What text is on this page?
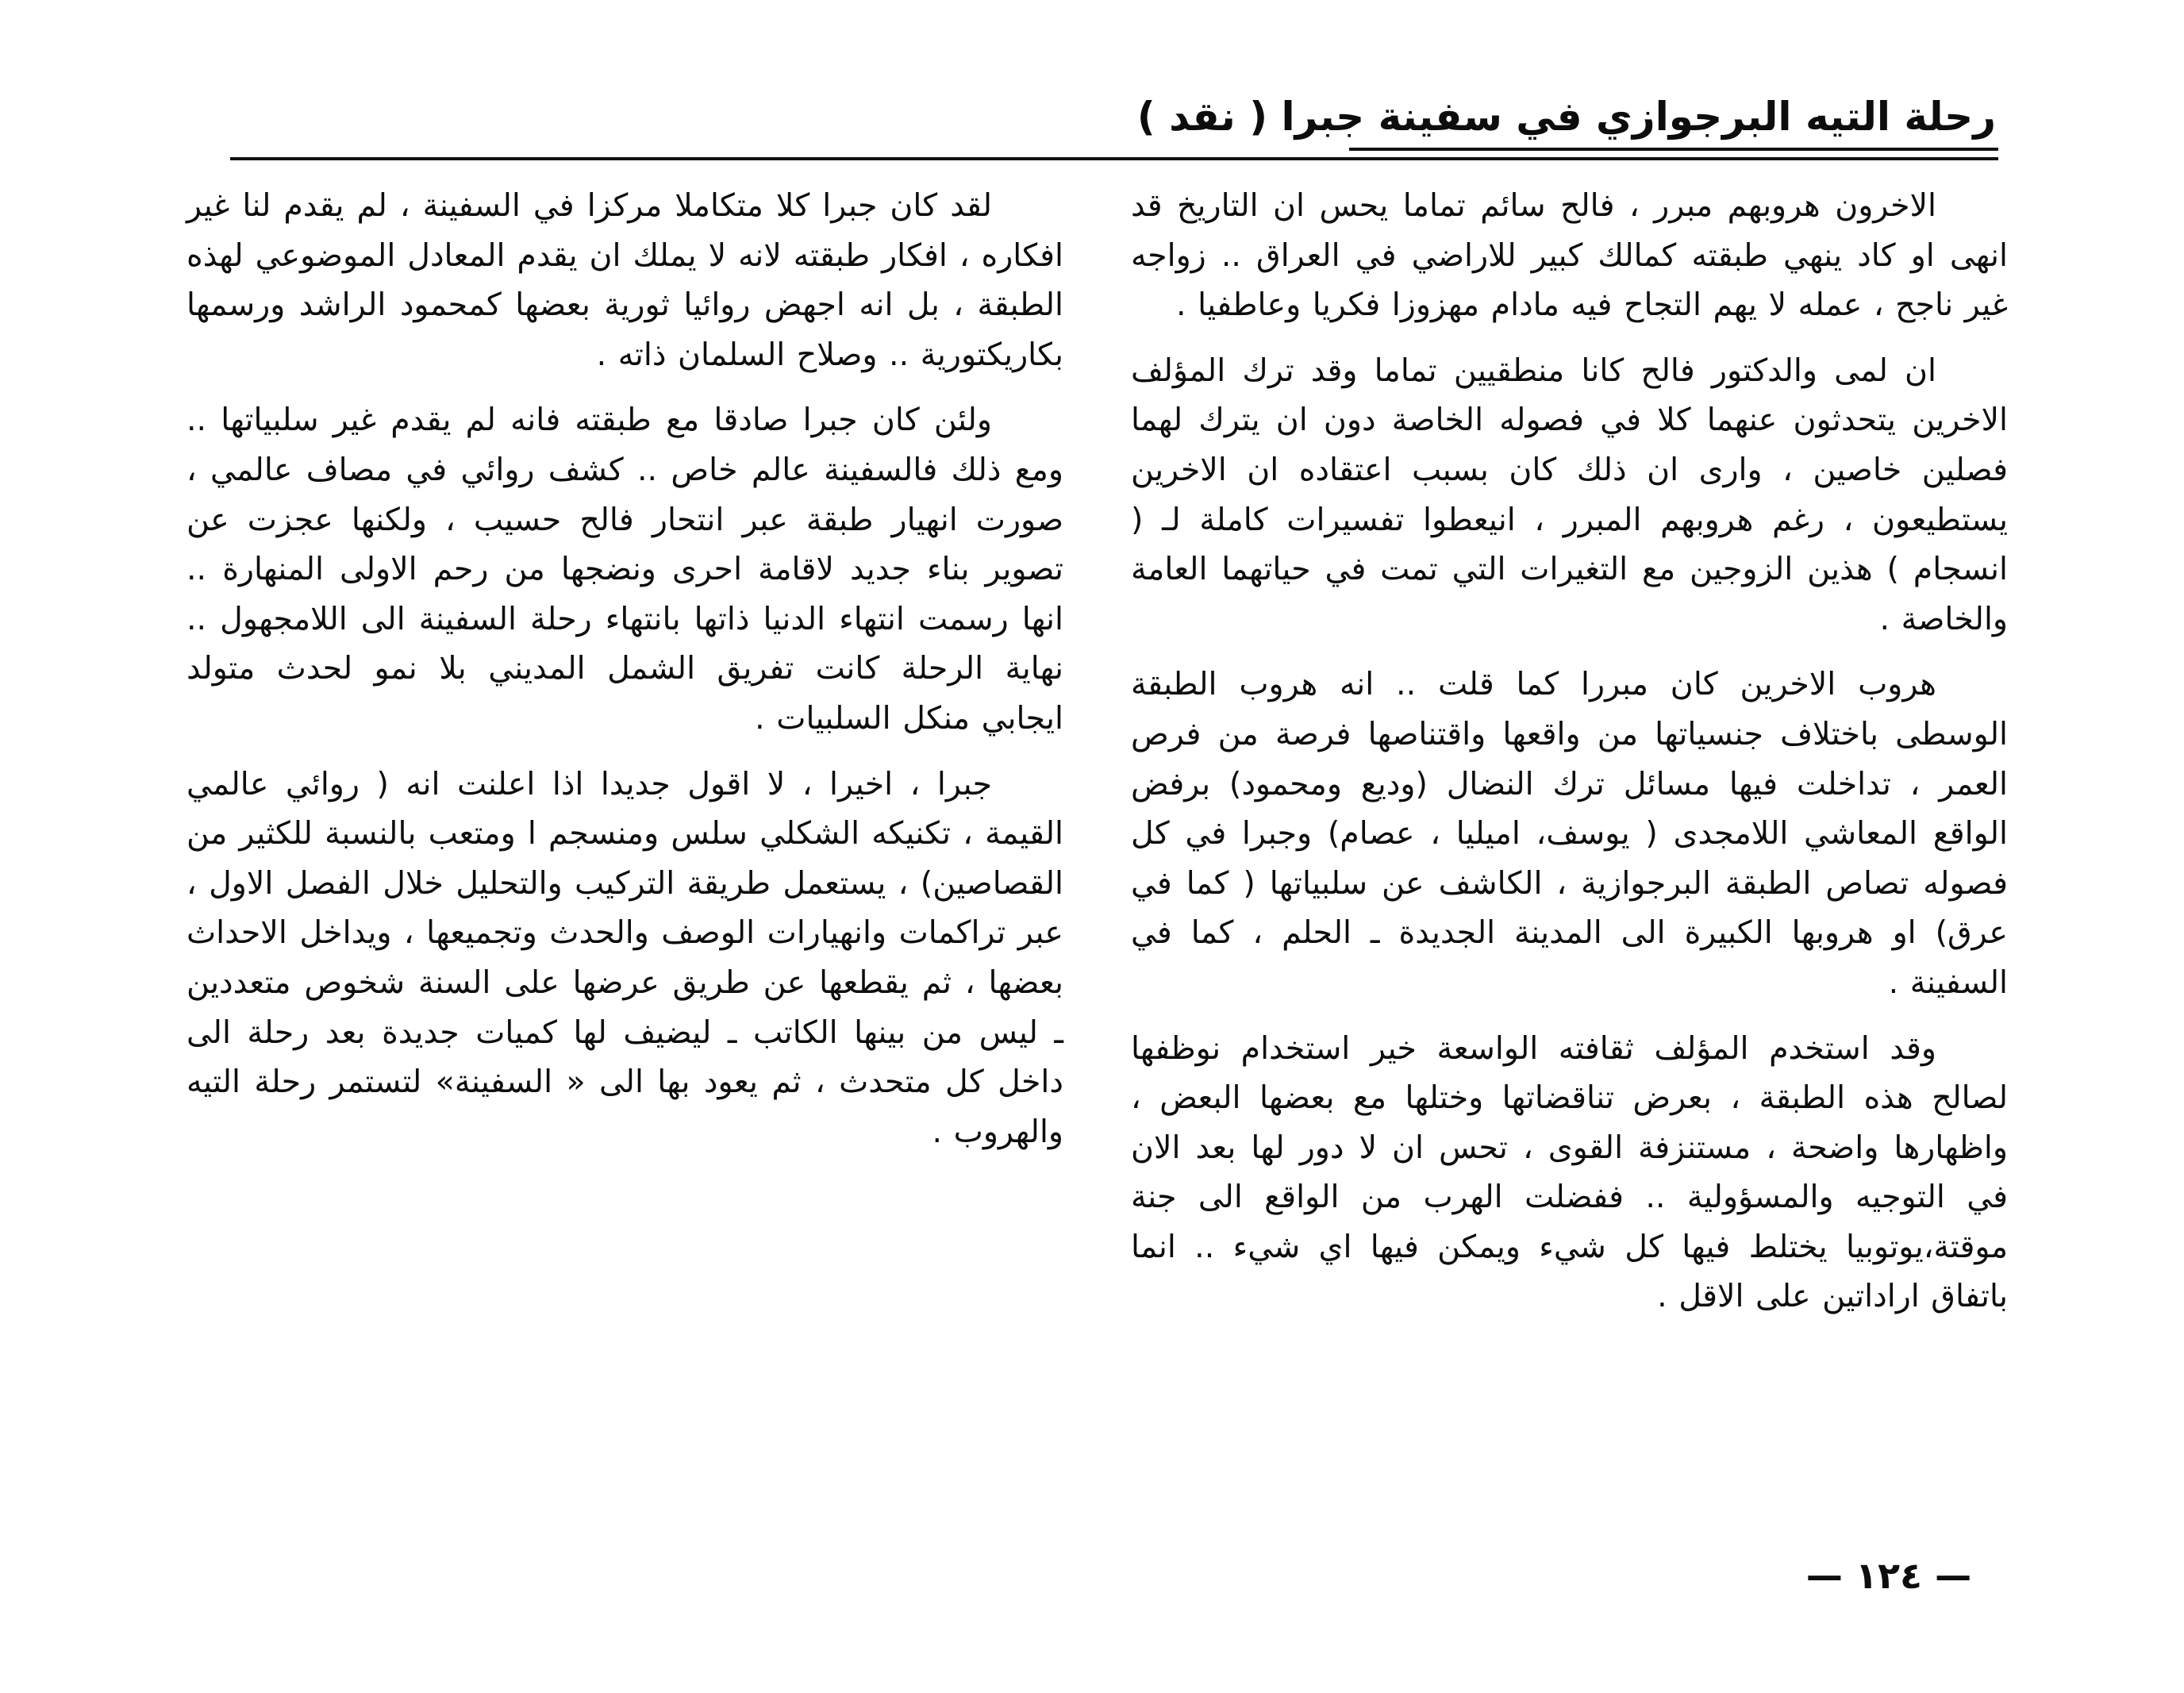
رحلة التيه البرجوازي في سفينة جبرا ( نقد )

الاخرون هروبهم مبرر ، فالح سائم تماما يحس ان التاريخ قد انهى او كاد ينهي طبقته كمالك كبير للاراضي في العراق .. زواجه غير ناجح ، عمله لا يهم التجاح فيه مادام مهزوزا فكريا وعاطفيا .

ان لمى والدكتور فالح كانا منطقيين تماما وقد ترك المؤلف الاخرين يتحدثون عنهما كلا في فصوله الخاصة دون ان يترك لهما فصلين خاصين ، وارى ان ذلك كان بسبب اعتقاده ان الاخرين يستطيعون ، رغم هروبهم المبرر ، انيعطوا تفسيرات كاملة لـ ( انسجام ) هذين الزوجين مع التغيرات التي تمت في حياتهما العامة والخاصة .

هروب الاخرين كان مبررا كما قلت .. انه هروب الطبقة الوسطى باختلاف جنسياتها من واقعها واقتناصها فرصة من فرص العمر ، تداخلت فيها مسائل ترك النضال (وديع ومحمود) برفض الواقع المعاشي اللامجدى ( يوسف، اميليا ، عصام) وجبرا في كل فصوله تصاص الطبقة البرجوازية ، الكاشف عن سلبياتها ( كما في عرق) او هروبها الكبيرة الى المدينة الجديدة ـ الحلم ، كما في السفينة .

وقد استخدم المؤلف ثقافته الواسعة خير استخدام نوظفها لصالح هذه الطبقة ، بعرض تناقضاتها وختلها مع بعضها البعض ، واظهارها واضحة ، مستنزفة القوى ، تحس ان لا دور لها بعد الان في التوجيه والمسؤولية .. ففضلت الهرب من الواقع الى جنة موقتة،يوتوبيا يختلط فيها كل شيء ويمكن فيها اي شيء .. انما باتفاق اراداتين على الاقل .

لقد كان جبرا كلا متكاملا مركزا في السفينة ، لم يقدم لنا غير افكاره ، افكار طبقته لانه لا يملك ان يقدم المعادل الموضوعي لهذه الطبقة ، بل انه اجهض روائيا ثورية بعضها كمحمود الراشد ورسمها بكاريكتورية .. وصلاح السلمان ذاته .

ولئن كان جبرا صادقا مع طبقته فانه لم يقدم غير سلبياتها .. ومع ذلك فالسفينة عالم خاص .. كشف روائي في مصاف عالمي ، صورت انهيار طبقة عبر انتحار فالح حسيب ، ولكنها عجزت عن تصوير بناء جديد لاقامة احرى ونضجها من رحم الاولى المنهارة .. انها رسمت انتهاء الدنيا ذاتها بانتهاء رحلة السفينة الى اللامجهول .. نهاية الرحلة كانت تفريق الشمل المديني بلا نمو لحدث متولد ايجابي منكل السلبيات .

جبرا ، اخيرا ، لا اقول جديدا اذا اعلنت انه ( روائي عالمي القيمة ، تكنيكه الشكلي سلس ومنسجم ا ومتعب بالنسبة للكثير من القصاصين) ، يستعمل طريقة التركيب والتحليل خلال الفصل الاول ، عبر تراكمات وانهيارات الوصف والحدث وتجميعها ، ويداخل الاحداث بعضها ، ثم يقطعها عن طريق عرضها على السنة شخوص متعددين ـ ليس من بينها الكاتب ـ ليضيف لها كميات جديدة بعد رحلة الى داخل كل متحدث ، ثم يعود بها الى « السفينة» لتستمر رحلة التيه والهروب .

— ١٢٤ —
